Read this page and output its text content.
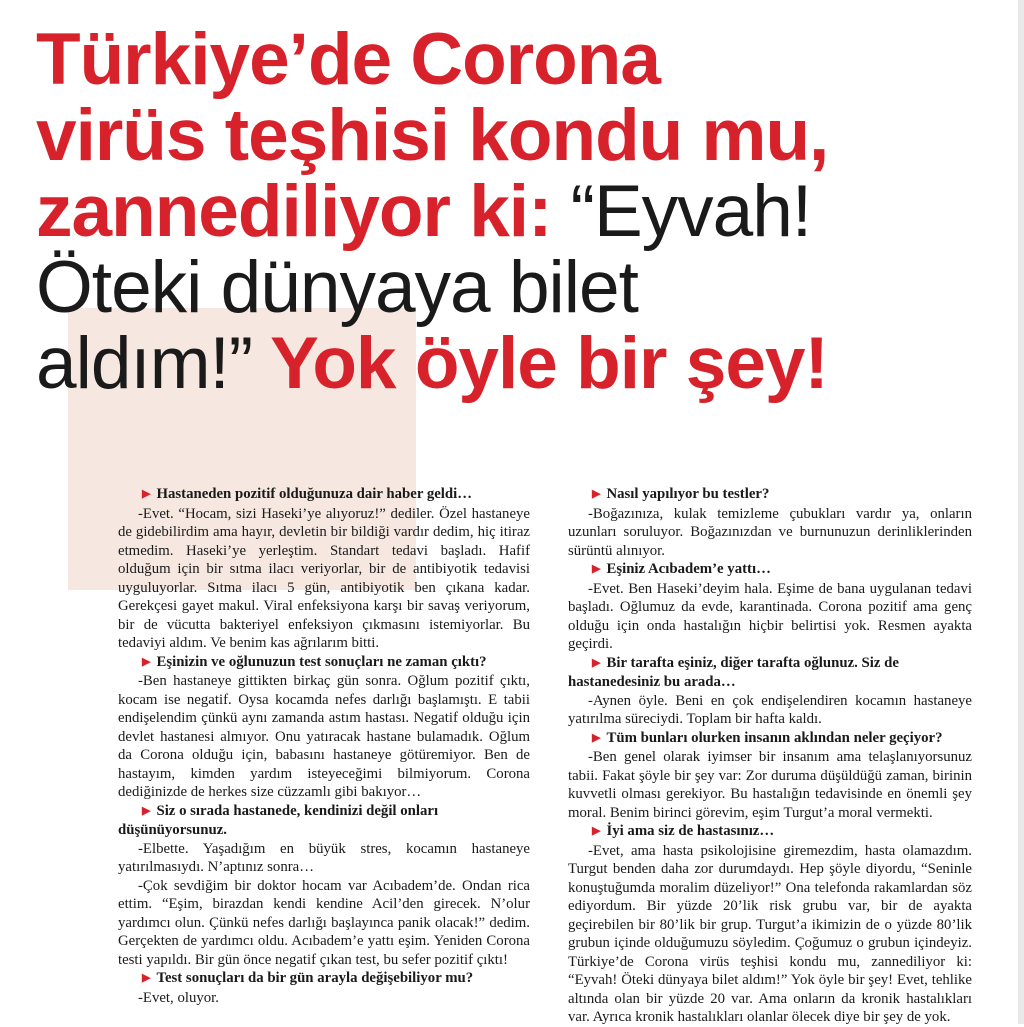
Türkiye’de Corona
virüs teşhisi kondu mu,
zannediliyor ki: “Eyvah!
Öteki dünyaya bilet
aldım!” Yok öyle bir şey!

▶ Hastaneden pozitif olduğunuza dair haber geldi…

-Evet. “Hocam, sizi Haseki’ye alıyoruz!” dediler. Özel hastaneye de gidebilirdim ama hayır, devletin bir bildiği vardır dedim, hiç itiraz etmedim. Haseki’ye yerleştim. Standart tedavi başladı. Hafif olduğum için bir sıtma ilacı veriyorlar, bir de antibiyotik tedavisi uyguluyorlar. Sıtma ilacı 5 gün, antibiyotik ben çıkana kadar. Gerekçesi gayet makul. Viral enfeksiyona karşı bir savaş veriyorum, bir de vücutta bakteriyel enfeksiyon çıkmasını istemiyorlar. Bu tedaviyi aldım. Ve benim kas ağrılarım bitti.

▶ Eşinizin ve oğlunuzun test sonuçları ne zaman çıktı?

-Ben hastaneye gittikten birkaç gün sonra. Oğlum pozitif çıktı, kocam ise negatif. Oysa kocamda nefes darlığı başlamıştı. E tabii endişelendim çünkü aynı zamanda astım hastası. Negatif olduğu için devlet hastanesi almıyor. Onu yatıracak hastane bulamadık. Oğlum da Corona olduğu için, babasını hastaneye götüremiyor. Ben de hastayım, kimden yardım isteyeceğimi bilmiyorum. Corona dediğinizde de herkes size cüzzamlı gibi bakıyor…

▶ Siz o sırada hastanede, kendinizi değil onları düşünüyorsunuz.

-Elbette. Yaşadığım en büyük stres, kocamın hastaneye yatırılmasıydı. N’aptınız sonra…

-Çok sevdiğim bir doktor hocam var Acıbadem’de. Ondan rica ettim. “Eşim, birazdan kendi kendine Acil’den girecek. N’olur yardımcı olun. Çünkü nefes darlığı başlayınca panik olacak!” dedim. Gerçekten de yardımcı oldu. Acıbadem’e yattı eşim. Yeniden Corona testi yapıldı. Bir gün önce negatif çıkan test, bu sefer pozitif çıktı!

▶ Test sonuçları da bir gün arayla değişebiliyor mu?

-Evet, oluyor.

▶ Nasıl yapılıyor bu testler?

-Boğazınıza, kulak temizleme çubukları vardır ya, onların uzunları soruluyor. Boğazınızdan ve burnunuzun derinliklerinden sürüntü alınıyor.

▶ Eşiniz Acıbadem’e yattı…

-Evet. Ben Haseki’deyim hala. Eşime de bana uygulanan tedavi başladı. Oğlumuz da evde, karantinada. Corona pozitif ama genç olduğu için onda hastalığın hiçbir belirtisi yok. Resmen ayakta geçirdi.

▶ Bir tarafta eşiniz, diğer tarafta oğlunuz. Siz de hastanedesiniz bu arada…

-Aynen öyle. Beni en çok endişelendiren kocamın hastaneye yatırılma süreciydi. Toplam bir hafta kaldı.

▶ Tüm bunları olurken insanın aklından neler geçiyor?

-Ben genel olarak iyimser bir insanım ama telaşlanıyorsunuz tabii. Fakat şöyle bir şey var: Zor duruma düşüldüğü zaman, birinin kuvvetli olması gerekiyor. Bu hastalığın tedavisinde en önemli şey moral. Benim birinci görevim, eşim Turgut’a moral vermekti.

▶ İyi ama siz de hastasınız…

-Evet, ama hasta psikolojisine giremezdim, hasta olamazdım. Turgut benden daha zor durumdaydı. Hep şöyle diyordu, “Seninle konuştuğumda moralim düzeliyor!” Ona telefonda rakamlardan söz ediyordum. Bir yüzde 20’lik risk grubu var, bir de ayakta geçirebilen bir 80’lik bir grup. Turgut’a ikimizin de o yüzde 80’lik grubun içinde olduğumuzu söyledim. Çoğumuz o grubun içindeyiz. Türkiye’de Corona virüs teşhisi kondu mu, zannediliyor ki: “Eyvah! Öteki dünyaya bilet aldım!” Yok öyle bir şey! Evet, tehlike altında olan bir yüzde 20 var. Ama onların da kronik hastalıkları var. Ayrıca kronik hastalıkları olanlar ölecek diye bir şey de yok.
